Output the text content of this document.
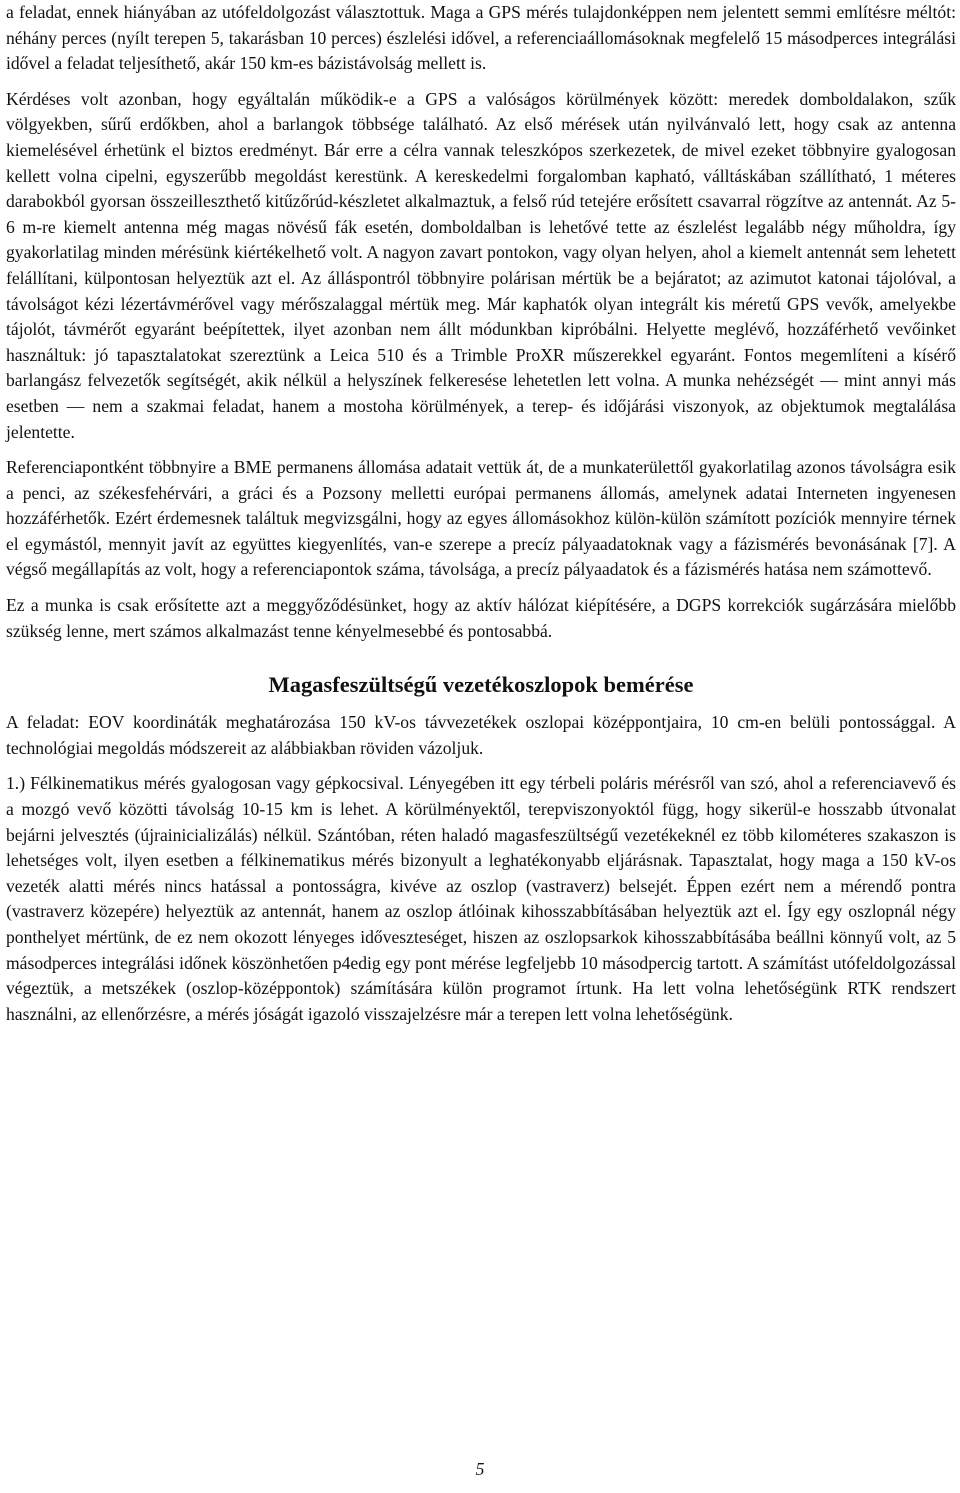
a feladat, ennek hiányában az utófeldolgozást választottuk. Maga a GPS mérés tulajdonképpen nem jelentett semmi említésre méltót: néhány perces (nyílt terepen 5, takarásban 10 perces) észlelési idővel, a referenciaállomásoknak megfelelő 15 másodperces integrálási idővel a feladat teljesíthető, akár 150 km-es bázistávolság mellett is.

Kérdéses volt azonban, hogy egyáltalán működik-e a GPS a valóságos körülmények között: meredek domboldalakon, szűk völgyekben, sűrű erdőkben, ahol a barlangok többsége található. Az első mérések után nyilvánvaló lett, hogy csak az antenna kiemelésével érhetünk el biztos eredményt. Bár erre a célra vannak teleszkópos szerkezetek, de mivel ezeket többnyire gyalogosan kellett volna cipelni, egyszerűbb megoldást kerestünk. A kereskedelmi forgalomban kapható, válltáskában szállítható, 1 méteres darabokból gyorsan összeilleszthető kitűzőrúd-készletet alkalmaztuk, a felső rúd tetejére erősített csavarral rögzítve az antennát. Az 5-6 m-re kiemelt antenna még magas növésű fák esetén, domboldalban is lehetővé tette az észlelést legalább négy műholdra, így gyakorlatilag minden mérésünk kiértékelhető volt. A nagyon zavart pontokon, vagy olyan helyen, ahol a kiemelt antennát sem lehetett felállítani, külpontosan helyeztük azt el. Az álláspontról többnyire polárisan mértük be a bejáratot; az azimutot katonai tájolóval, a távolságot kézi lézertávmérővel vagy mérőszalaggal mértük meg. Már kaphatók olyan integrált kis méretű GPS vevők, amelyekbe tájolót, távmérőt egyaránt beépítettek, ilyet azonban nem állt módunkban kipróbálni. Helyette meglévő, hozzáférhető vevőinket használtuk: jó tapasztalatokat szereztünk a Leica 510 és a Trimble ProXR műszerekkel egyaránt. Fontos megemlíteni a kísérő barlangász felvezetők segítségét, akik nélkül a helyszínek felkeresése lehetetlen lett volna. A munka nehézségét — mint annyi más esetben — nem a szakmai feladat, hanem a mostoha körülmények, a terep- és időjárási viszonyok, az objektumok megtalálása jelentette.

Referenciapontként többnyire a BME permanens állomása adatait vettük át, de a munkaterülettől gyakorlatilag azonos távolságra esik a penci, az székesfehérvári, a gráci és a Pozsony melletti európai permanens állomás, amelynek adatai Interneten ingyenesen hozzáférhetők. Ezért érdemesnek találtuk megvizsgálni, hogy az egyes állomásokhoz külön-külön számított pozíciók mennyire térnek el egymástól, mennyit javít az együttes kiegyenlítés, van-e szerepe a precíz pályaadatoknak vagy a fázismérés bevonásának [7]. A végső megállapítás az volt, hogy a referenciapontok száma, távolsága, a precíz pályaadatok és a fázismérés hatása nem számottevő.

Ez a munka is csak erősítette azt a meggyőződésünket, hogy az aktív hálózat kiépítésére, a DGPS korrekciók sugárzására mielőbb szükség lenne, mert számos alkalmazást tenne kényelmesebbé és pontosabbá.

Magasfeszültségű vezetékoszlopok bemérése

A feladat: EOV koordináták meghatározása 150 kV-os távvezetékek oszlopai középpontjaira, 10 cm-en belüli pontossággal. A technológiai megoldás módszereit az alábbiakban röviden vázoljuk.

1.) Félkinematikus mérés gyalogosan vagy gépkocsival. Lényegében itt egy térbeli poláris mérésről van szó, ahol a referenciavevő és a mozgó vevő közötti távolság 10-15 km is lehet. A körülményektől, terepviszonyoktól függ, hogy sikerül-e hosszabb útvonalat bejárni jelvesztés (újrainicializálás) nélkül. Szántóban, réten haladó magasfeszültségű vezetékeknél ez több kilométeres szakaszon is lehetséges volt, ilyen esetben a félkinematikus mérés bizonyult a leghatékonyabb eljárásnak. Tapasztalat, hogy maga a 150 kV-os vezeték alatti mérés nincs hatással a pontosságra, kivéve az oszlop (vastraverz) belsejét. Éppen ezért nem a mérendő pontra (vastraverz közepére) helyeztük az antennát, hanem az oszlop átlóinak kihosszabbításában helyeztük azt el. Így egy oszlopnál négy ponthelyet mértünk, de ez nem okozott lényeges időveszteséget, hiszen az oszlopsarkok kihosszabbításába beállni könnyű volt, az 5 másodperces integrálási időnek köszönhetően p4edig egy pont mérése legfeljebb 10 másodpercig tartott. A számítást utófeldolgozással végeztük, a metszékek (oszlop-középpontok) számítására külön programot írtunk. Ha lett volna lehetőségünk RTK rendszert használni, az ellenőrzésre, a mérés jóságát igazoló visszajelzésre már a terepen lett volna lehetőségünk.

5
